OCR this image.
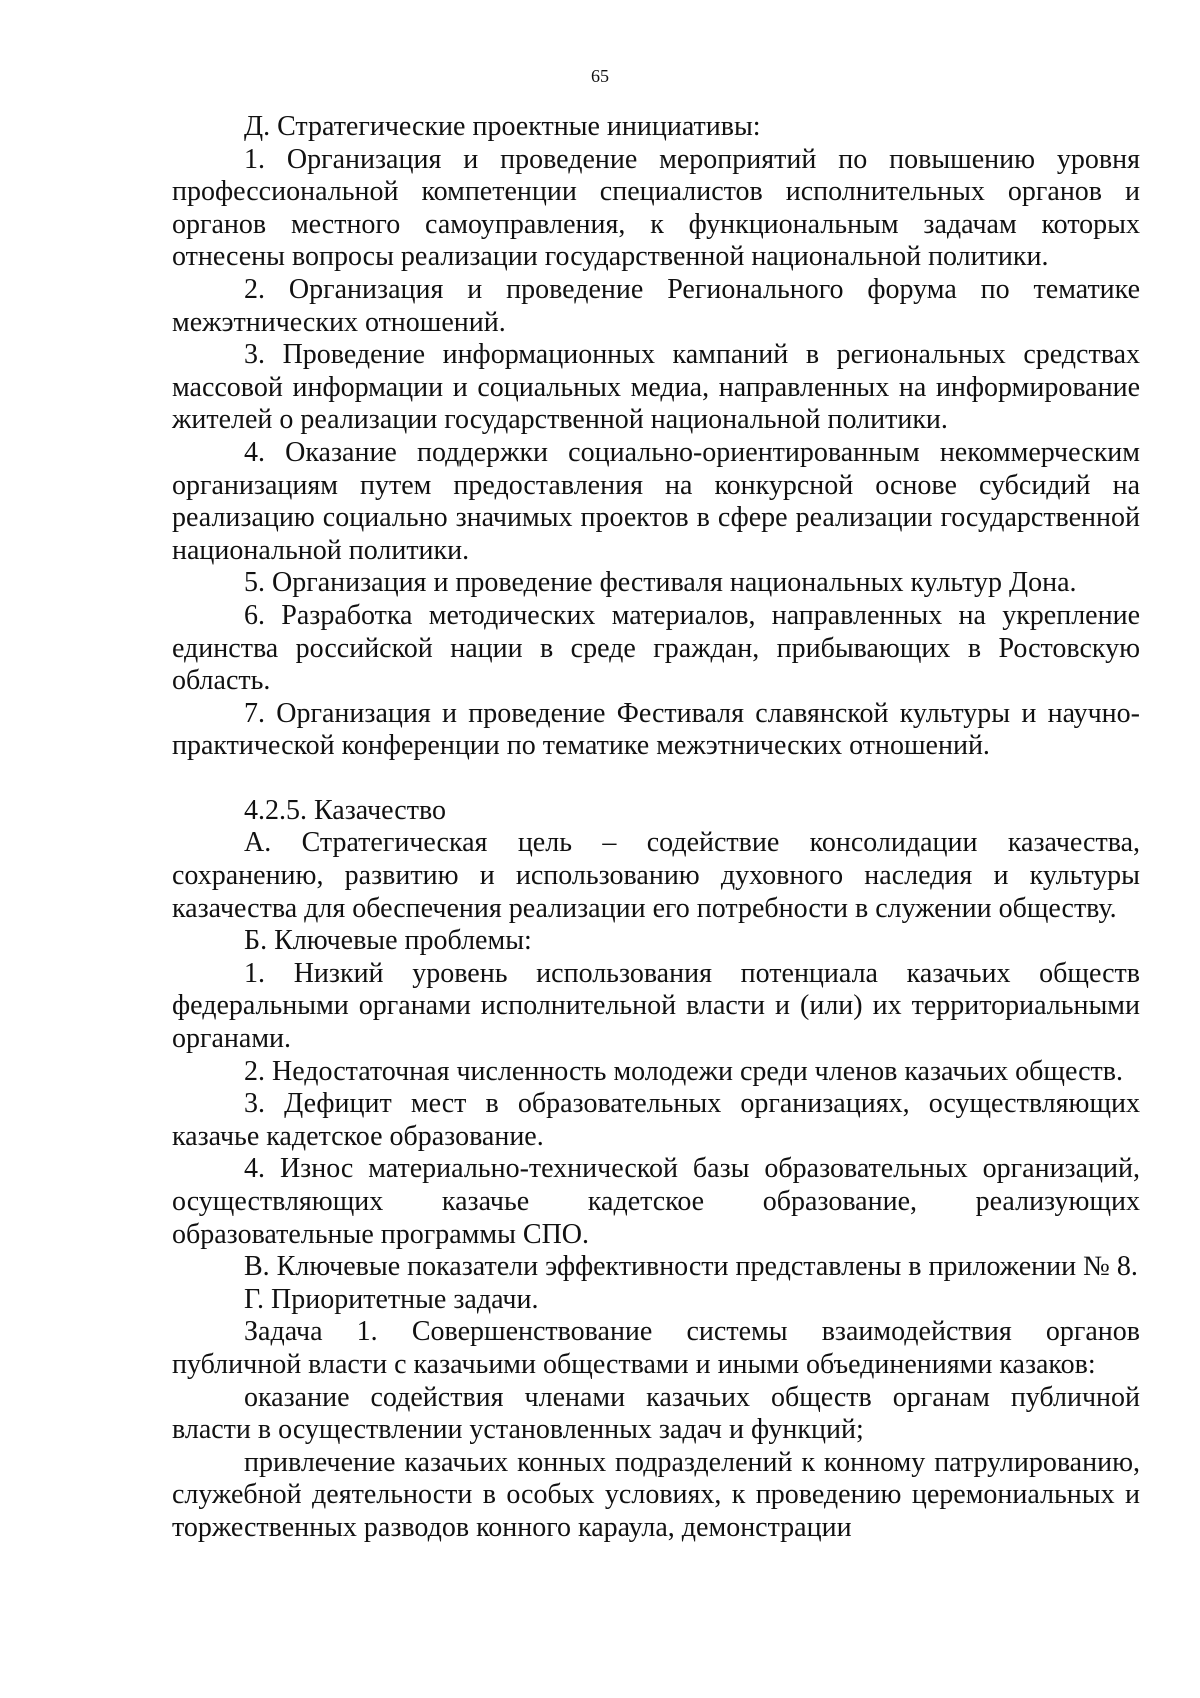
65

Д. Стратегические проектные инициативы:

1. Организация и проведение мероприятий по повышению уровня профессиональной компетенции специалистов исполнительных органов и органов местного самоуправления, к функциональным задачам которых отнесены вопросы реализации государственной национальной политики.

2. Организация и проведение Регионального форума по тематике межэтнических отношений.

3. Проведение информационных кампаний в региональных средствах массовой информации и социальных медиа, направленных на информирование жителей о реализации государственной национальной политики.

4. Оказание поддержки социально-ориентированным некоммерческим организациям путем предоставления на конкурсной основе субсидий на реализацию социально значимых проектов в сфере реализации государственной национальной политики.

5. Организация и проведение фестиваля национальных культур Дона.

6. Разработка методических материалов, направленных на укрепление единства российской нации в среде граждан, прибывающих в Ростовскую область.

7. Организация и проведение Фестиваля славянской культуры и научно-практической конференции по тематике межэтнических отношений.

4.2.5. Казачество

А. Стратегическая цель – содействие консолидации казачества, сохранению, развитию и использованию духовного наследия и культуры казачества для обеспечения реализации его потребности в служении обществу.

Б. Ключевые проблемы:

1. Низкий уровень использования потенциала казачьих обществ федеральными органами исполнительной власти и (или) их территориальными органами.

2. Недостаточная численность молодежи среди членов казачьих обществ.

3. Дефицит мест в образовательных организациях, осуществляющих казачье кадетское образование.

4. Износ материально-технической базы образовательных организаций, осуществляющих казачье кадетское образование, реализующих образовательные программы СПО.

В. Ключевые показатели эффективности представлены в приложении № 8.

Г. Приоритетные задачи.

Задача 1. Совершенствование системы взаимодействия органов публичной власти с казачьими обществами и иными объединениями казаков:

оказание содействия членами казачьих обществ органам публичной власти в осуществлении установленных задач и функций;

привлечение казачьих конных подразделений к конному патрулированию, служебной деятельности в особых условиях, к проведению церемониальных и торжественных разводов конного караула, демонстрации
